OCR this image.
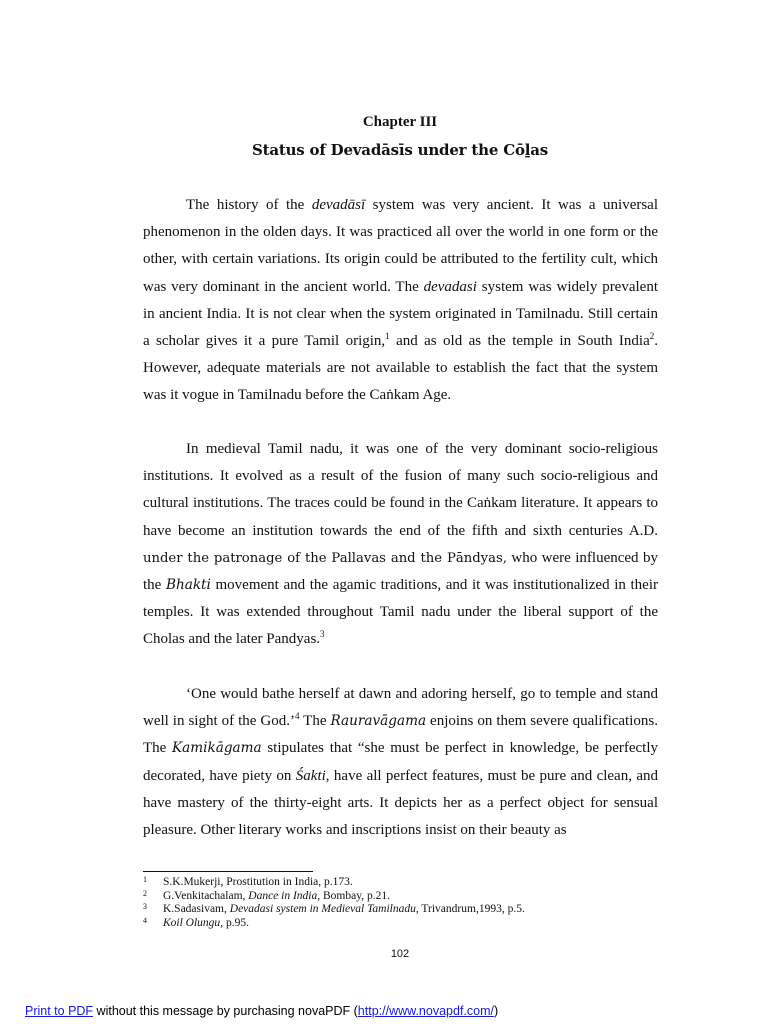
Chapter III
Status of Devadāsīs under the Cōḻas

The history of the devadāsī system was very ancient. It was a universal phenomenon in the olden days. It was practiced all over the world in one form or the other, with certain variations. Its origin could be attributed to the fertility cult, which was very dominant in the ancient world. The devadasi system was widely prevalent in ancient India. It is not clear when the system originated in Tamilnadu. Still certain a scholar gives it a pure Tamil origin,$^1$ and as old as the temple in South India$^2$. However, adequate materials are not available to establish the fact that the system was it vogue in Tamilnadu before the Caṅkam Age.

In medieval Tamil nadu, it was one of the very dominant socio-religious institutions. It evolved as a result of the fusion of many such socio-religious and cultural institutions. The traces could be found in the Caṅkam literature. It appears to have become an institution towards the end of the fifth and sixth centuries A.D. under the patronage of the Pallavas and the Pāndyas, who were influenced by the Bhakti movement and the agamic traditions, and it was institutionalized in their temples. It was extended throughout Tamil nadu under the liberal support of the Cholas and the later Pandyas.$^3$

‘One would bathe herself at dawn and adoring herself, go to temple and stand well in sight of the God.’$^4$ The Rauravāgama enjoins on them severe qualifications. The Kamikāgama stipulates that “she must be perfect in knowledge, be perfectly decorated, have piety on Śakti, have all perfect features, must be pure and clean, and have mastery of the thirty-eight arts. It depicts her as a perfect object for sensual pleasure. Other literary works and inscriptions insist on their beauty as

1 S.K.Mukerji, Prostitution in India, p.173.
2 G.Venkitachalam, Dance in India, Bombay, p.21.
3 K.Sadasivam, Devadasi system in Medieval Tamilnadu, Trivandrum,1993, p.5.
4 Koil Olungu, p.95.
102
Print to PDF without this message by purchasing novaPDF (http://www.novapdf.com/)
